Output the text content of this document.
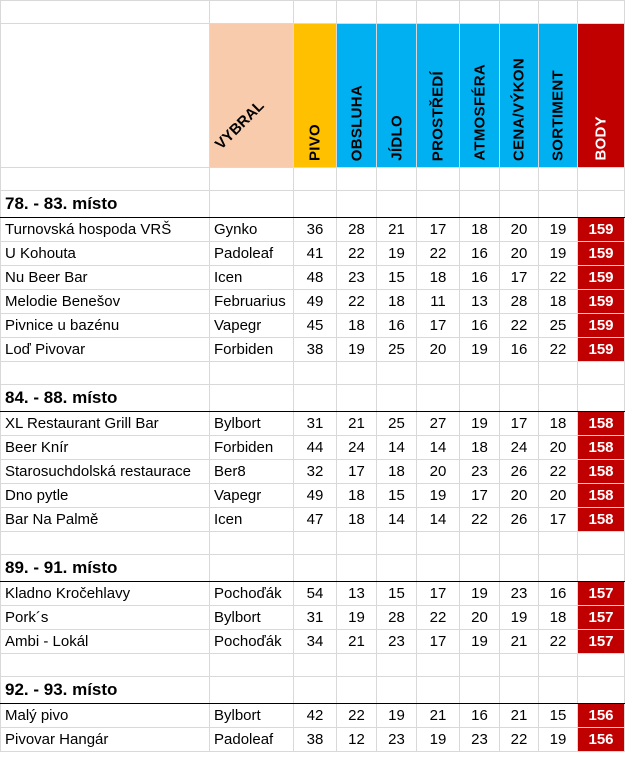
	VYBRAL	PIVO	OBSLUHA	JÍDLO	PROSTŘEDÍ	ATMOSFÉRA	CENA/VÝKON	SORTIMENT	BODY

78. - 83. místo									
Turnovská hospoda VRŠ	Gynko	36	28	21	17	18	20	19	159
U Kohouta	Padoleaf	41	22	19	22	16	20	19	159
Nu Beer Bar	Icen	48	23	15	18	16	17	22	159
Melodie Benešov	Februarius	49	22	18	11	13	28	18	159
Pivnice u bazénu	Vapegr	45	18	16	17	16	22	25	159
Loď Pivovar	Forbiden	38	19	25	20	19	16	22	159

84. - 88. místo									
XL Restaurant Grill Bar	Bylbort	31	21	25	27	19	17	18	158
Beer Knír	Forbiden	44	24	14	14	18	24	20	158
Starosuchdolská restaurace	Ber8	32	17	18	20	23	26	22	158
Dno pytle	Vapegr	49	18	15	19	17	20	20	158
Bar Na Palmě	Icen	47	18	14	14	22	26	17	158

89. - 91. místo									
Kladno Kročehlavy	Pochoďák	54	13	15	17	19	23	16	157
Pork´s	Bylbort	31	19	28	22	20	19	18	157
Ambi - Lokál	Pochoďák	34	21	23	17	19	21	22	157

92. - 93. místo									
Malý pivo	Bylbort	42	22	19	21	16	21	15	156
Pivovar Hangár	Padoleaf	38	12	23	19	23	22	19	156
